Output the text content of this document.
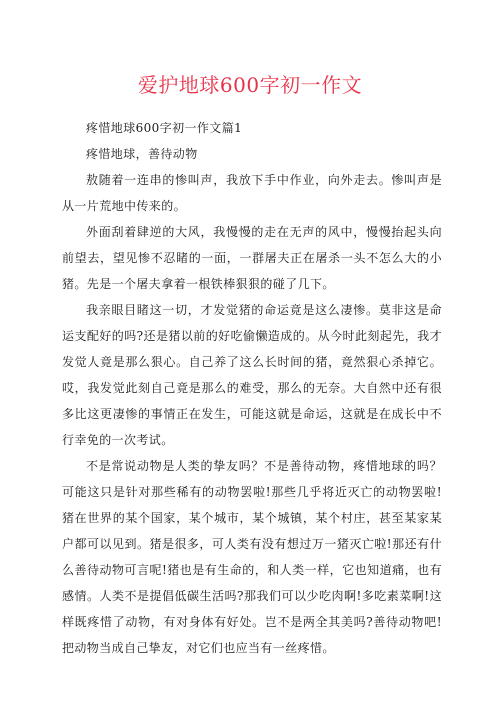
爱护地球600字初一作文

疼惜地球600字初一作文篇1

疼惜地球，善待动物

敖随着一连串的惨叫声，我放下手中作业，向外走去。惨叫声是从一片荒地中传来的。

外面刮着肆逆的大风，我慢慢的走在无声的风中，慢慢抬起头向前望去，望见惨不忍睹的一面，一群屠夫正在屠杀一头不怎么大的小猪。先是一个屠夫拿着一根铁棒狠狠的碰了几下。

我亲眼目睹这一切，才发觉猪的命运竟是这么凄惨。莫非这是命运支配好的吗?还是猪以前的好吃偷懒造成的。从今时此刻起先，我才发觉人竟是那么狠心。自己养了这么长时间的猪，竟然狠心杀掉它。哎，我发觉此刻自己竟是那么的难受，那么的无奈。大自然中还有很多比这更凄惨的事情正在发生，可能这就是命运，这就是在成长中不行幸免的一次考试。

不是常说动物是人类的挚友吗？不是善待动物，疼惜地球的吗？可能这只是针对那些稀有的动物罢啦!那些几乎将近灭亡的动物罢啦!猪在世界的某个国家，某个城市，某个城镇，某个村庄，甚至某家某户都可以见到。猪是很多，可人类有没有想过万一猪灭亡啦!那还有什么善待动物可言呢!猪也是有生命的，和人类一样，它也知道痛，也有感情。人类不是提倡低碳生活吗?那我们可以少吃肉啊!多吃素菜啊!这样既疼惜了动物，有对身体有好处。岂不是两全其美吗?善待动物吧!把动物当成自己挚友，对它们也应当有一丝疼惜。
